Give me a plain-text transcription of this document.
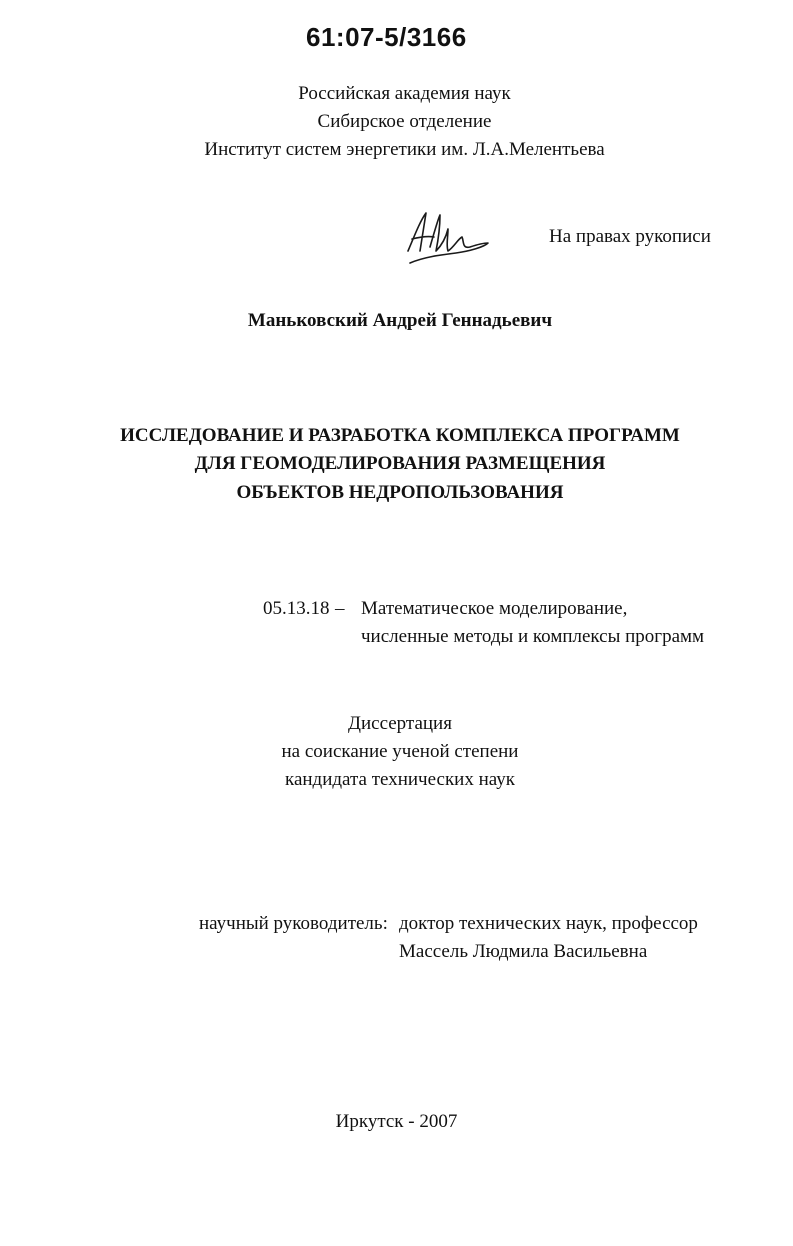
61:07-5/3166
Российская академия наук
Сибирское отделение
Институт систем энергетики им. Л.А.Мелентьева
На правах рукописи
Маньковский Андрей Геннадьевич
ИССЛЕДОВАНИЕ И РАЗРАБОТКА КОМПЛЕКСА ПРОГРАММ
ДЛЯ ГЕОМОДЕЛИРОВАНИЯ РАЗМЕЩЕНИЯ
ОБЪЕКТОВ НЕДРОПОЛЬЗОВАНИЯ
05.13.18 – Математическое моделирование,
численные методы и комплексы программ
Диссертация
на соискание ученой степени
кандидата технических наук
научный руководитель: доктор технических наук, профессор
Массель Людмила Васильевна
Иркутск - 2007
